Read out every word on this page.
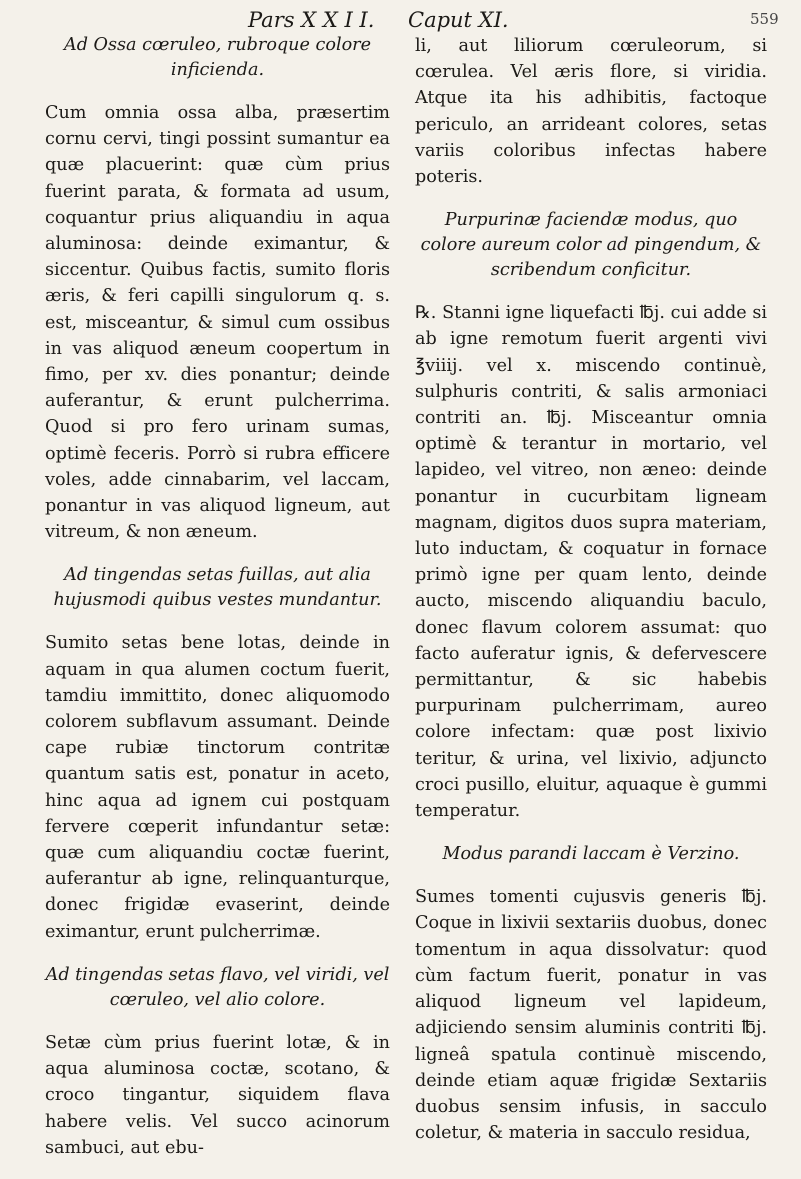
Pars X X I I. Caput XI.	559
Ad Ossa cœruleo, rubroque colore inficienda.
Cum omnia ossa alba, præsertim cornu cervi, tingi possint sumantur ea quæ placuerint: quæ cùm prius fuerint parata, & formata ad usum, coquantur prius aliquandiu in aqua aluminosa: deinde eximantur, & siccentur. Quibus factis, sumito floris æris, & feri capilli singulorum q. s. est, misceantur, & simul cum ossibus in vas aliquod æneum coopertum in fimo, per xv. dies ponantur; deinde auferantur, & erunt pulcherrima. Quod si pro fero urinam sumas, optimè feceris. Porrò si rubra efficere voles, adde cinnabarim, vel laccam, ponantur in vas aliquod ligneum, aut vitreum, & non æneum.
Ad tingendas setas fuillas, aut alia hujusmodi quibus vestes mundantur.
Sumito setas bene lotas, deinde in aquam in qua alumen coctum fuerit, tamdiu immittito, donec aliquomodo colorem subflavum assumant. Deinde cape rubiæ tinctorum contritæ quantum satis est, ponatur in aceto, hinc aqua ad ignem cui postquam fervere cœperit infundantur setæ: quæ cum aliquandiu coctæ fuerint, auferantur ab igne, relinquanturque, donec frigidæ evaserint, deinde eximantur, erunt pulcherrimæ.
Ad tingendas setas flavo, vel viridi, vel cœruleo, vel alio colore.
Setæ cùm prius fuerint lotæ, & in aqua aluminosa coctæ, scotano, & croco tingantur, siquidem flava habere velis. Vel succo acinorum sambuci, aut ebu-
li, aut liliorum cœruleorum, si cœrulea. Vel æris flore, si viridia. Atque ita his adhibitis, factoque periculo, an arrideant colores, setas variis coloribus infectas habere poteris.
Purpurinæ faciendæ modus, quo colore aureum color ad pingendum, & scribendum conficitur.
℞. Stanni igne liquefacti ℔j. cui adde si ab igne remotum fuerit argenti vivi ℥viiij. vel x. miscendo continuè, sulphuris contriti, & salis armoniaci contriti an. ℔j. Misceantur omnia optimè & terantur in mortario, vel lapideo, vel vitreo, non æneo: deinde ponantur in cucurbitam ligneam magnam, digitos duos supra materiam, luto inductam, & coquatur in fornace primò igne per quam lento, deinde aucto, miscendo aliquandiu baculo, donec flavum colorem assumat: quo facto auferatur ignis, & defervescere permittantur, & sic habebis purpurinam pulcherrimam, aureo colore infectam: quæ post lixivio teritur, & urina, vel lixivio, adjuncto croci pusillo, eluitur, aquaque è gummi temperatur.
Modus parandi laccam è Verzino.
Sumes tomenti cujusvis generis ℔j. Coque in lixivii sextariis duobus, donec tomentum in aqua dissolvatur: quod cùm factum fuerit, ponatur in vas aliquod ligneum vel lapideum, adjiciendo sensim aluminis contriti ℔j. ligneâ spatula continuè miscendo, deinde etiam aquæ frigidæ Sextariis duobus sensim infusis, in sacculo coletur, & materia in sacculo residua,
